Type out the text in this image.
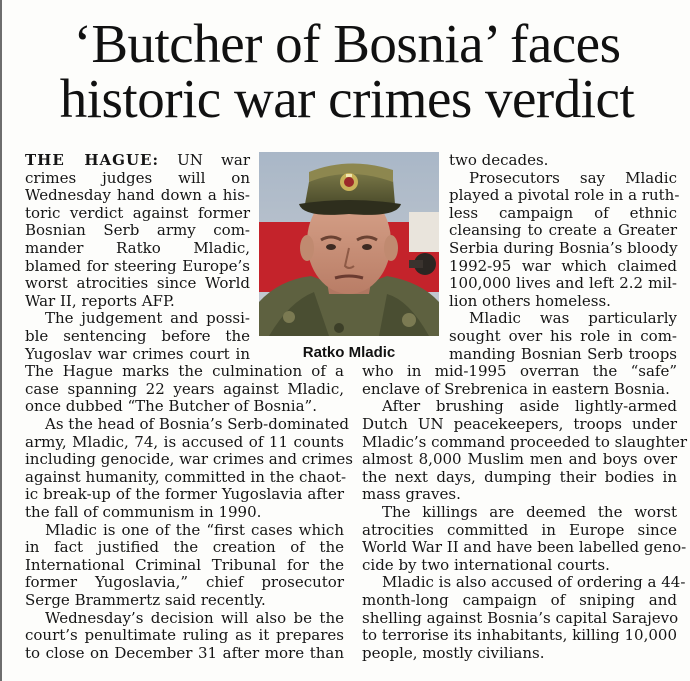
‘Butcher of Bosnia’ faces
historic war crimes verdict
Ratko Mladic
THE HAGUE: UN war
crimes judges will on
Wednesday hand down a his-
toric verdict against former
Bosnian Serb army com-
mander Ratko Mladic,
blamed for steering Europe’s
worst atrocities since World
War II, reports AFP.
The judgement and possi-
ble sentencing before the
Yugoslav war crimes court in
The Hague marks the culmination of a
case spanning 22 years against Mladic,
once dubbed “The Butcher of Bosnia”.
As the head of Bosnia’s Serb-dominated
army, Mladic, 74, is accused of 11 counts
including genocide, war crimes and crimes
against humanity, committed in the chaot-
ic break-up of the former Yugoslavia after
the fall of communism in 1990.
Mladic is one of the “first cases which
in fact justified the creation of the
International Criminal Tribunal for the
former Yugoslavia,” chief prosecutor
Serge Brammertz said recently.
Wednesday’s decision will also be the
court’s penultimate ruling as it prepares
to close on December 31 after more than
two decades.
Prosecutors say Mladic
played a pivotal role in a ruth-
less campaign of ethnic
cleansing to create a Greater
Serbia during Bosnia’s bloody
1992-95 war which claimed
100,000 lives and left 2.2 mil-
lion others homeless.
Mladic was particularly
sought over his role in com-
manding Bosnian Serb troops
who in mid-1995 overran the “safe”
enclave of Srebrenica in eastern Bosnia.
After brushing aside lightly-armed
Dutch UN peacekeepers, troops under
Mladic’s command proceeded to slaughter
almost 8,000 Muslim men and boys over
the next days, dumping their bodies in
mass graves.
The killings are deemed the worst
atrocities committed in Europe since
World War II and have been labelled geno-
cide by two international courts.
Mladic is also accused of ordering a 44-
month-long campaign of sniping and
shelling against Bosnia’s capital Sarajevo
to terrorise its inhabitants, killing 10,000
people, mostly civilians.
